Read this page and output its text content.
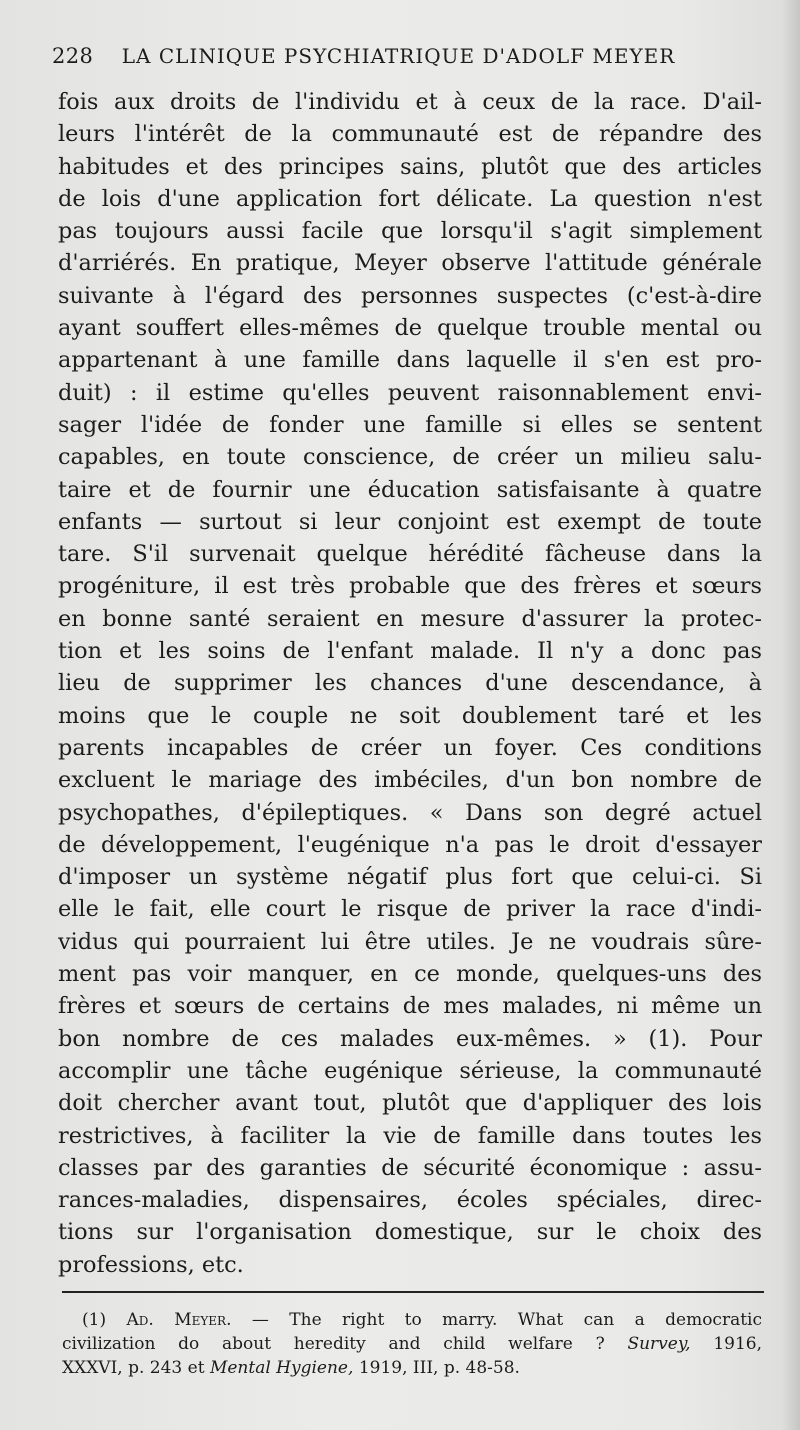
228 LA CLINIQUE PSYCHIATRIQUE D'ADOLF MEYER
fois aux droits de l'individu et à ceux de la race. D'ail-
leurs l'intérêt de la communauté est de répandre des
habitudes et des principes sains, plutôt que des articles
de lois d'une application fort délicate. La question n'est
pas toujours aussi facile que lorsqu'il s'agit simplement
d'arriérés. En pratique, Meyer observe l'attitude générale
suivante à l'égard des personnes suspectes (c'est-à-dire
ayant souffert elles-mêmes de quelque trouble mental ou
appartenant à une famille dans laquelle il s'en est pro-
duit) : il estime qu'elles peuvent raisonnablement envi-
sager l'idée de fonder une famille si elles se sentent
capables, en toute conscience, de créer un milieu salu-
taire et de fournir une éducation satisfaisante à quatre
enfants — surtout si leur conjoint est exempt de toute
tare. S'il survenait quelque hérédité fâcheuse dans la
progéniture, il est très probable que des frères et sœurs
en bonne santé seraient en mesure d'assurer la protec-
tion et les soins de l'enfant malade. Il n'y a donc pas
lieu de supprimer les chances d'une descendance, à
moins que le couple ne soit doublement taré et les
parents incapables de créer un foyer. Ces conditions
excluent le mariage des imbéciles, d'un bon nombre de
psychopathes, d'épileptiques. « Dans son degré actuel
de développement, l'eugénique n'a pas le droit d'essayer
d'imposer un système négatif plus fort que celui-ci. Si
elle le fait, elle court le risque de priver la race d'indi-
vidus qui pourraient lui être utiles. Je ne voudrais sûre-
ment pas voir manquer, en ce monde, quelques-uns des
frères et sœurs de certains de mes malades, ni même un
bon nombre de ces malades eux-mêmes. » (1). Pour
accomplir une tâche eugénique sérieuse, la communauté
doit chercher avant tout, plutôt que d'appliquer des lois
restrictives, à faciliter la vie de famille dans toutes les
classes par des garanties de sécurité économique : assu-
rances-maladies, dispensaires, écoles spéciales, direc-
tions sur l'organisation domestique, sur le choix des
professions, etc.
(1) Ad. Meyer. — The right to marry. What can a democratic
civilization do about heredity and child welfare ? Survey, 1916,
XXXVI, p. 243 et Mental Hygiene, 1919, III, p. 48-58.
